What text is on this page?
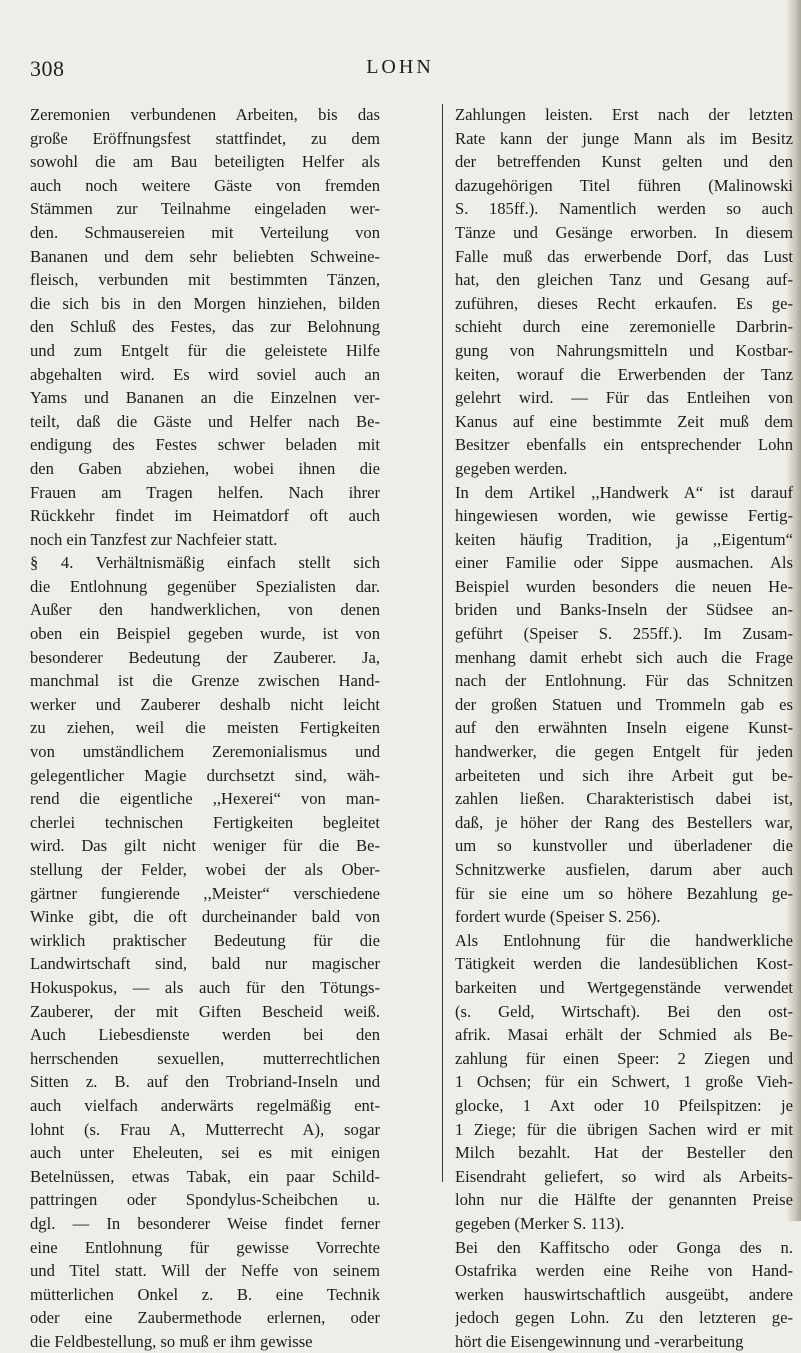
308	LOHN

Zeremonien verbundenen Arbeiten, bis das
große Eröffnungsfest stattfindet, zu dem
sowohl die am Bau beteiligten Helfer als
auch noch weitere Gäste von fremden
Stämmen zur Teilnahme eingeladen wer-
den. Schmausereien mit Verteilung von
Bananen und dem sehr beliebten Schweine-
fleisch, verbunden mit bestimmten Tänzen,
die sich bis in den Morgen hinziehen, bilden
den Schluß des Festes, das zur Belohnung
und zum Entgelt für die geleistete Hilfe
abgehalten wird. Es wird soviel auch an
Yams und Bananen an die Einzelnen ver-
teilt, daß die Gäste und Helfer nach Be-
endigung des Festes schwer beladen mit
den Gaben abziehen, wobei ihnen die
Frauen am Tragen helfen. Nach ihrer
Rückkehr findet im Heimatdorf oft auch
noch ein Tanzfest zur Nachfeier statt.

§ 4. Verhältnismäßig einfach stellt sich
die Entlohnung gegenüber Spezialisten dar.
Außer den handwerklichen, von denen
oben ein Beispiel gegeben wurde, ist von
besonderer Bedeutung der Zauberer. Ja,
manchmal ist die Grenze zwischen Hand-
werker und Zauberer deshalb nicht leicht
zu ziehen, weil die meisten Fertigkeiten
von umständlichem Zeremonialismus und
gelegentlicher Magie durchsetzt sind, wäh-
rend die eigentliche ,,Hexerei“ von man-
cherlei technischen Fertigkeiten begleitet
wird. Das gilt nicht weniger für die Be-
stellung der Felder, wobei der als Ober-
gärtner fungierende ,,Meister“ verschiedene
Winke gibt, die oft durcheinander bald von
wirklich praktischer Bedeutung für die
Landwirtschaft sind, bald nur magischer
Hokuspokus, — als auch für den Tötungs-
Zauberer, der mit Giften Bescheid weiß.
Auch Liebesdienste werden bei den
herrschenden sexuellen, mutterrechtlichen
Sitten z. B. auf den Trobriand-Inseln und
auch vielfach anderwärts regelmäßig ent-
lohnt (s. Frau A, Mutterrecht A), sogar
auch unter Eheleuten, sei es mit einigen
Betelnüssen, etwas Tabak, ein paar Schild-
pattringen oder Spondylus-Scheibchen u.
dgl. — In besonderer Weise findet ferner
eine Entlohnung für gewisse Vorrechte
und Titel statt. Will der Neffe von seinem
mütterlichen Onkel z. B. eine Technik
oder eine Zaubermethode erlernen, oder
die Feldbestellung, so muß er ihm gewisse

Zahlungen leisten. Erst nach der letzten
Rate kann der junge Mann als im Besitz
der betreffenden Kunst gelten und den
dazugehörigen Titel führen (Malinowski
S. 185ff.). Namentlich werden so auch
Tänze und Gesänge erworben. In diesem
Falle muß das erwerbende Dorf, das Lust
hat, den gleichen Tanz und Gesang auf-
zuführen, dieses Recht erkaufen. Es ge-
schieht durch eine zeremonielle Darbrin-
gung von Nahrungsmitteln und Kostbar-
keiten, worauf die Erwerbenden der Tanz
gelehrt wird. — Für das Entleihen von
Kanus auf eine bestimmte Zeit muß dem
Besitzer ebenfalls ein entsprechender Lohn
gegeben werden.

In dem Artikel ,,Handwerk A“ ist darauf
hingewiesen worden, wie gewisse Fertig-
keiten häufig Tradition, ja ,,Eigentum“
einer Familie oder Sippe ausmachen. Als
Beispiel wurden besonders die neuen He-
briden und Banks-Inseln der Südsee an-
geführt (Speiser S. 255ff.). Im Zusam-
menhang damit erhebt sich auch die Frage
nach der Entlohnung. Für das Schnitzen
der großen Statuen und Trommeln gab es
auf den erwähnten Inseln eigene Kunst-
handwerker, die gegen Entgelt für jeden
arbeiteten und sich ihre Arbeit gut be-
zahlen ließen. Charakteristisch dabei ist,
daß, je höher der Rang des Bestellers war,
um so kunstvoller und überladener die
Schnitzwerke ausfielen, darum aber auch
für sie eine um so höhere Bezahlung ge-
fordert wurde (Speiser S. 256).

Als Entlohnung für die handwerkliche
Tätigkeit werden die landesüblichen Kost-
barkeiten und Wertgegenstände verwendet
(s. Geld, Wirtschaft). Bei den ost-
afrik. Masai erhält der Schmied als Be-
zahlung für einen Speer: 2 Ziegen und
1 Ochsen; für ein Schwert, 1 große Vieh-
glocke, 1 Axt oder 10 Pfeilspitzen: je
1 Ziege; für die übrigen Sachen wird er mit
Milch bezahlt. Hat der Besteller den
Eisendraht geliefert, so wird als Arbeits-
lohn nur die Hälfte der genannten Preise
gegeben (Merker S. 113).

Bei den Kaffitscho oder Gonga des n.
Ostafrika werden eine Reihe von Hand-
werken hauswirtschaftlich ausgeübt, andere
jedoch gegen Lohn. Zu den letzteren ge-
hört die Eisengewinnung und -verarbeitung
